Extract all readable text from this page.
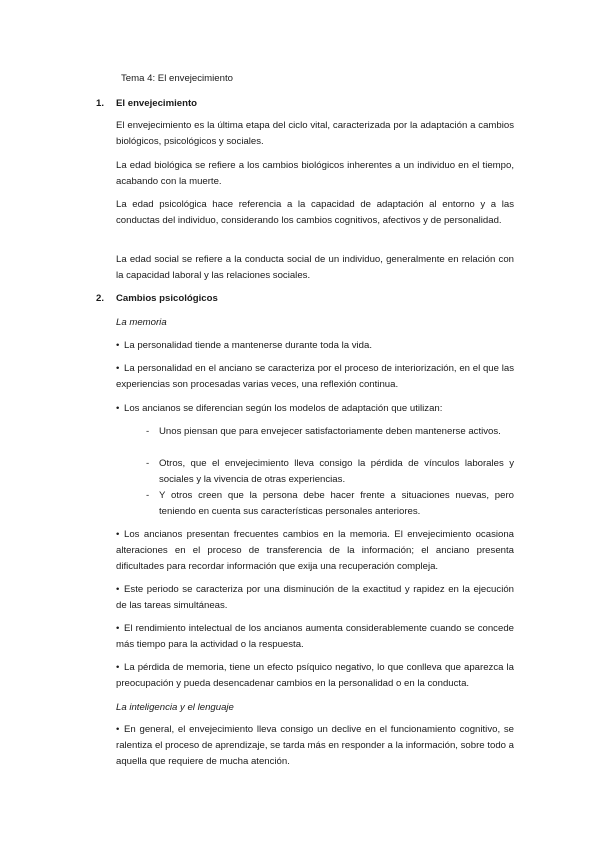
Tema 4: El envejecimiento
1. El envejecimiento
El envejecimiento es la última etapa del ciclo vital, caracterizada por la adaptación a cambios biológicos, psicológicos y sociales.
La edad biológica se refiere a los cambios biológicos inherentes a un individuo en el tiempo, acabando con la muerte.
La edad psicológica hace referencia a la capacidad de adaptación al entorno y a las conductas del individuo, considerando los cambios cognitivos, afectivos y de personalidad.
La edad social se refiere a la conducta social de un individuo, generalmente en relación con la capacidad laboral y las relaciones sociales.
2. Cambios psicológicos
La memoria
• La personalidad tiende a mantenerse durante toda la vida.
• La personalidad en el anciano se caracteriza por el proceso de interiorización, en el que las experiencias son procesadas varias veces, una reflexión continua.
• Los ancianos se diferencian según los modelos de adaptación que utilizan:
- Unos piensan que para envejecer satisfactoriamente deben mantenerse activos.
- Otros, que el envejecimiento lleva consigo la pérdida de vínculos laborales y sociales y la vivencia de otras experiencias.
- Y otros creen que la persona debe hacer frente a situaciones nuevas, pero teniendo en cuenta sus características personales anteriores.
• Los ancianos presentan frecuentes cambios en la memoria. El envejecimiento ocasiona alteraciones en el proceso de transferencia de la información; el anciano presenta dificultades para recordar información que exija una recuperación compleja.
• Este periodo se caracteriza por una disminución de la exactitud y rapidez en la ejecución de las tareas simultáneas.
• El rendimiento intelectual de los ancianos aumenta considerablemente cuando se concede más tiempo para la actividad o la respuesta.
• La pérdida de memoria, tiene un efecto psíquico negativo, lo que conlleva que aparezca la preocupación y pueda desencadenar cambios en la personalidad o en la conducta.
La inteligencia y el lenguaje
• En general, el envejecimiento lleva consigo un declive en el funcionamiento cognitivo, se ralentiza el proceso de aprendizaje, se tarda más en responder a la información, sobre todo a aquella que requiere de mucha atención.
